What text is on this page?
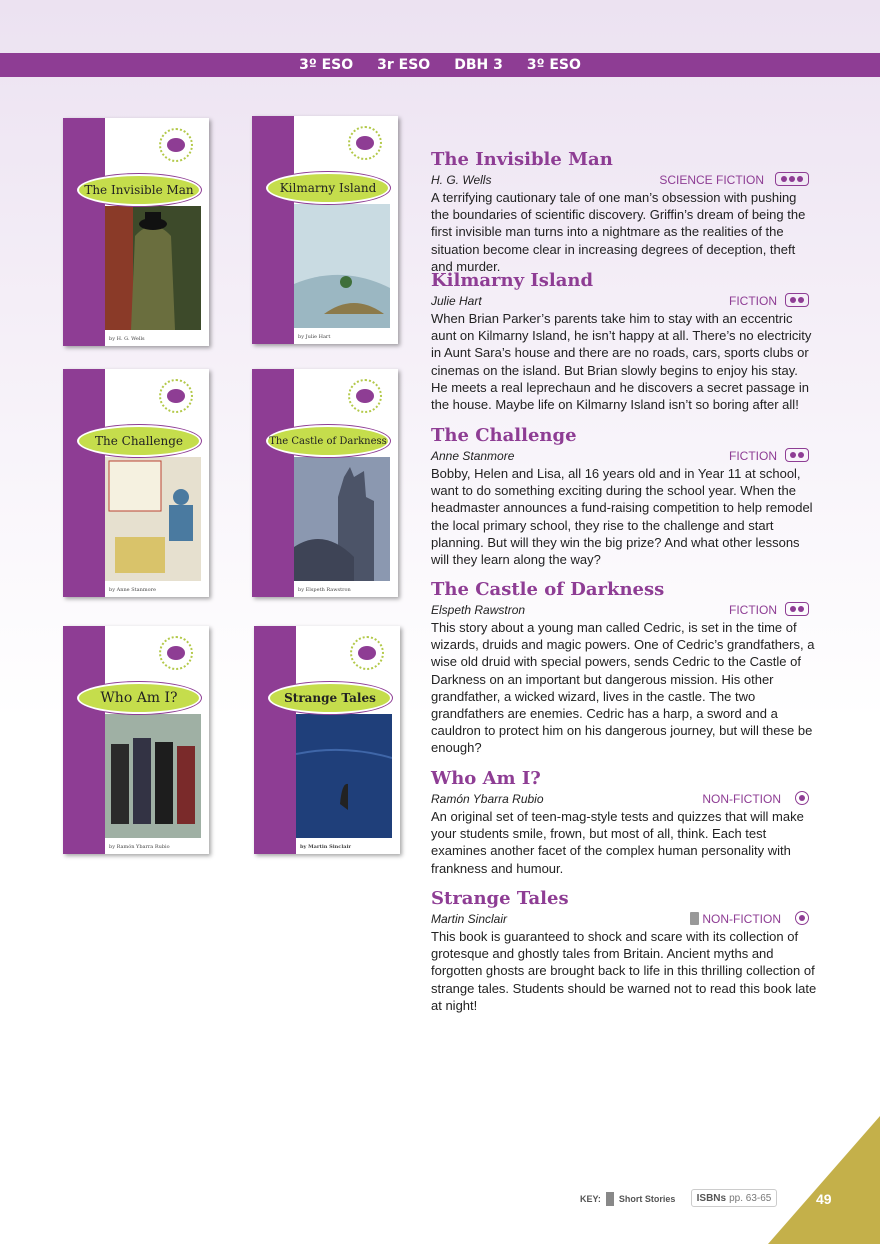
3º ESO 3r ESO DBH 3 3º ESO
The Invisible Man
by H. G. Wells
Kilmarny Island
by Julie Hart
The Challenge
by Anne Stanmore
The Castle of Darkness
by Elspeth Rawstron
Who Am I?
by Ramón Ybarra Rubio
Strange Tales
by Martin Sinclair
The Invisible Man
H. G. Wells	SCIENCE FICTION
A terrifying cautionary tale of one man’s obsession with pushing the boundaries of scientific discovery. Griffin’s dream of being the first invisible man turns into a nightmare as the realities of the situation become clear in increasing degrees of deception, theft and murder.
Kilmarny Island
Julie Hart	FICTION
When Brian Parker’s parents take him to stay with an eccentric aunt on Kilmarny Island, he isn’t happy at all. There’s no electricity in Aunt Sara’s house and there are no roads, cars, sports clubs or cinemas on the island. But Brian slowly begins to enjoy his stay. He meets a real leprechaun and he discovers a secret passage in the house. Maybe life on Kilmarny Island isn’t so boring after all!
The Challenge
Anne Stanmore	FICTION
Bobby, Helen and Lisa, all 16 years old and in Year 11 at school, want to do something exciting during the school year. When the headmaster announces a fund-raising competition to help remodel the local primary school, they rise to the challenge and start planning. But will they win the big prize? And what other lessons will they learn along the way?
The Castle of Darkness
Elspeth Rawstron	FICTION
This story about a young man called Cedric, is set in the time of wizards, druids and magic powers. One of Cedric’s grandfathers, a wise old druid with special powers, sends Cedric to the Castle of Darkness on an important but dangerous mission. His other grandfather, a wicked wizard, lives in the castle. The two grandfathers are enemies. Cedric has a harp, a sword and a cauldron to protect him on his dangerous journey, but will these be enough?
Who Am I?
Ramón Ybarra Rubio	NON-FICTION
An original set of teen-mag-style tests and quizzes that will make your students smile, frown, but most of all, think. Each test examines another facet of the complex human personality with frankness and humour.
Strange Tales
Martin Sinclair	NON-FICTION
This book is guaranteed to shock and scare with its collection of grotesque and ghostly tales from Britain. Ancient myths and forgotten ghosts are brought back to life in this thrilling collection of strange tales. Students should be warned not to read this book late at night!
KEY: Short Stories ISBNs pp. 63-65	49
